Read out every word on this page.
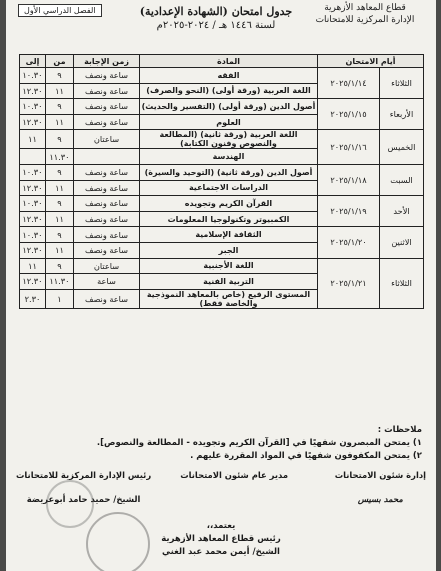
قطاع المعاهد الأزهرية
الإدارة المركزية للامتحانات
جدول امتحان (الشهادة الإعدادية)
لسنة ١٤٤٦ هـ / ٢٠٢٤-٢٠٢٥م
الفصل الدراسي الأول
أيام الامتحان		المادة	زمن الإجابة	من	إلى
الثلاثاء	٢٠٢٥/١/١٤	الفقه	ساعة ونصف	٩	١٠.٣٠
		اللغة العربية (ورقة أولى) (النحو والصرف)	ساعة ونصف	١١	١٢.٣٠
الأربعاء	٢٠٢٥/١/١٥	أصول الدين (ورقة أولى) (التفسير والحديث)	ساعة ونصف	٩	١٠.٣٠
		العلوم	ساعة ونصف	١١	١٢.٣٠
الخميس	٢٠٢٥/١/١٦	اللغة العربية (ورقة ثانية) (المطالعة والنصوص وفنون الكتابة)	ساعتان	٩	١١
		الهندسة		١١.٣٠	
السبت	٢٠٢٥/١/١٨	أصول الدين (ورقة ثانية) (التوحيد والسيرة)	ساعة ونصف	٩	١٠.٣٠
		الدراسات الاجتماعية	ساعة ونصف	١١	١٢.٣٠
الأحد	٢٠٢٥/١/١٩	القرآن الكريم وتجويده	ساعة ونصف	٩	١٠.٣٠
		الكمبيوتر وتكنولوجيا المعلومات	ساعة ونصف	١١	١٢.٣٠
الاثنين	٢٠٢٥/١/٢٠	الثقافة الإسلامية	ساعة ونصف	٩	١٠.٣٠
		الجبر	ساعة ونصف	١١	١٢.٣٠
الثلاثاء	٢٠٢٥/١/٢١	اللغة الأجنبية	ساعتان	٩	١١
		التربية الفنية	ساعة	١١.٣٠	١٢.٣٠
		المستوى الرفيع (خاص بالمعاهد النموذجية والخاصة فقط)	ساعة ونصف	١	٢.٣٠
ملاحظات :
١) يمتحن المبصرون شفهيًا في [القرآن الكريم وتجويده - المطالعة والنصوص].
٢) يمتحن المكفوفون شفهيًا في المواد المقررة عليهم .
إدارة شئون الامتحانات
محمد بسيس
مدير عام شئون الامتحانات
رئيس الإدارة المركزية للامتحانات
الشيخ/ حميد حامد أبوعريضة
يعتمد،،
رئيس قطاع المعاهد الأزهرية
الشيخ/ أيمن محمد عبد الغني
